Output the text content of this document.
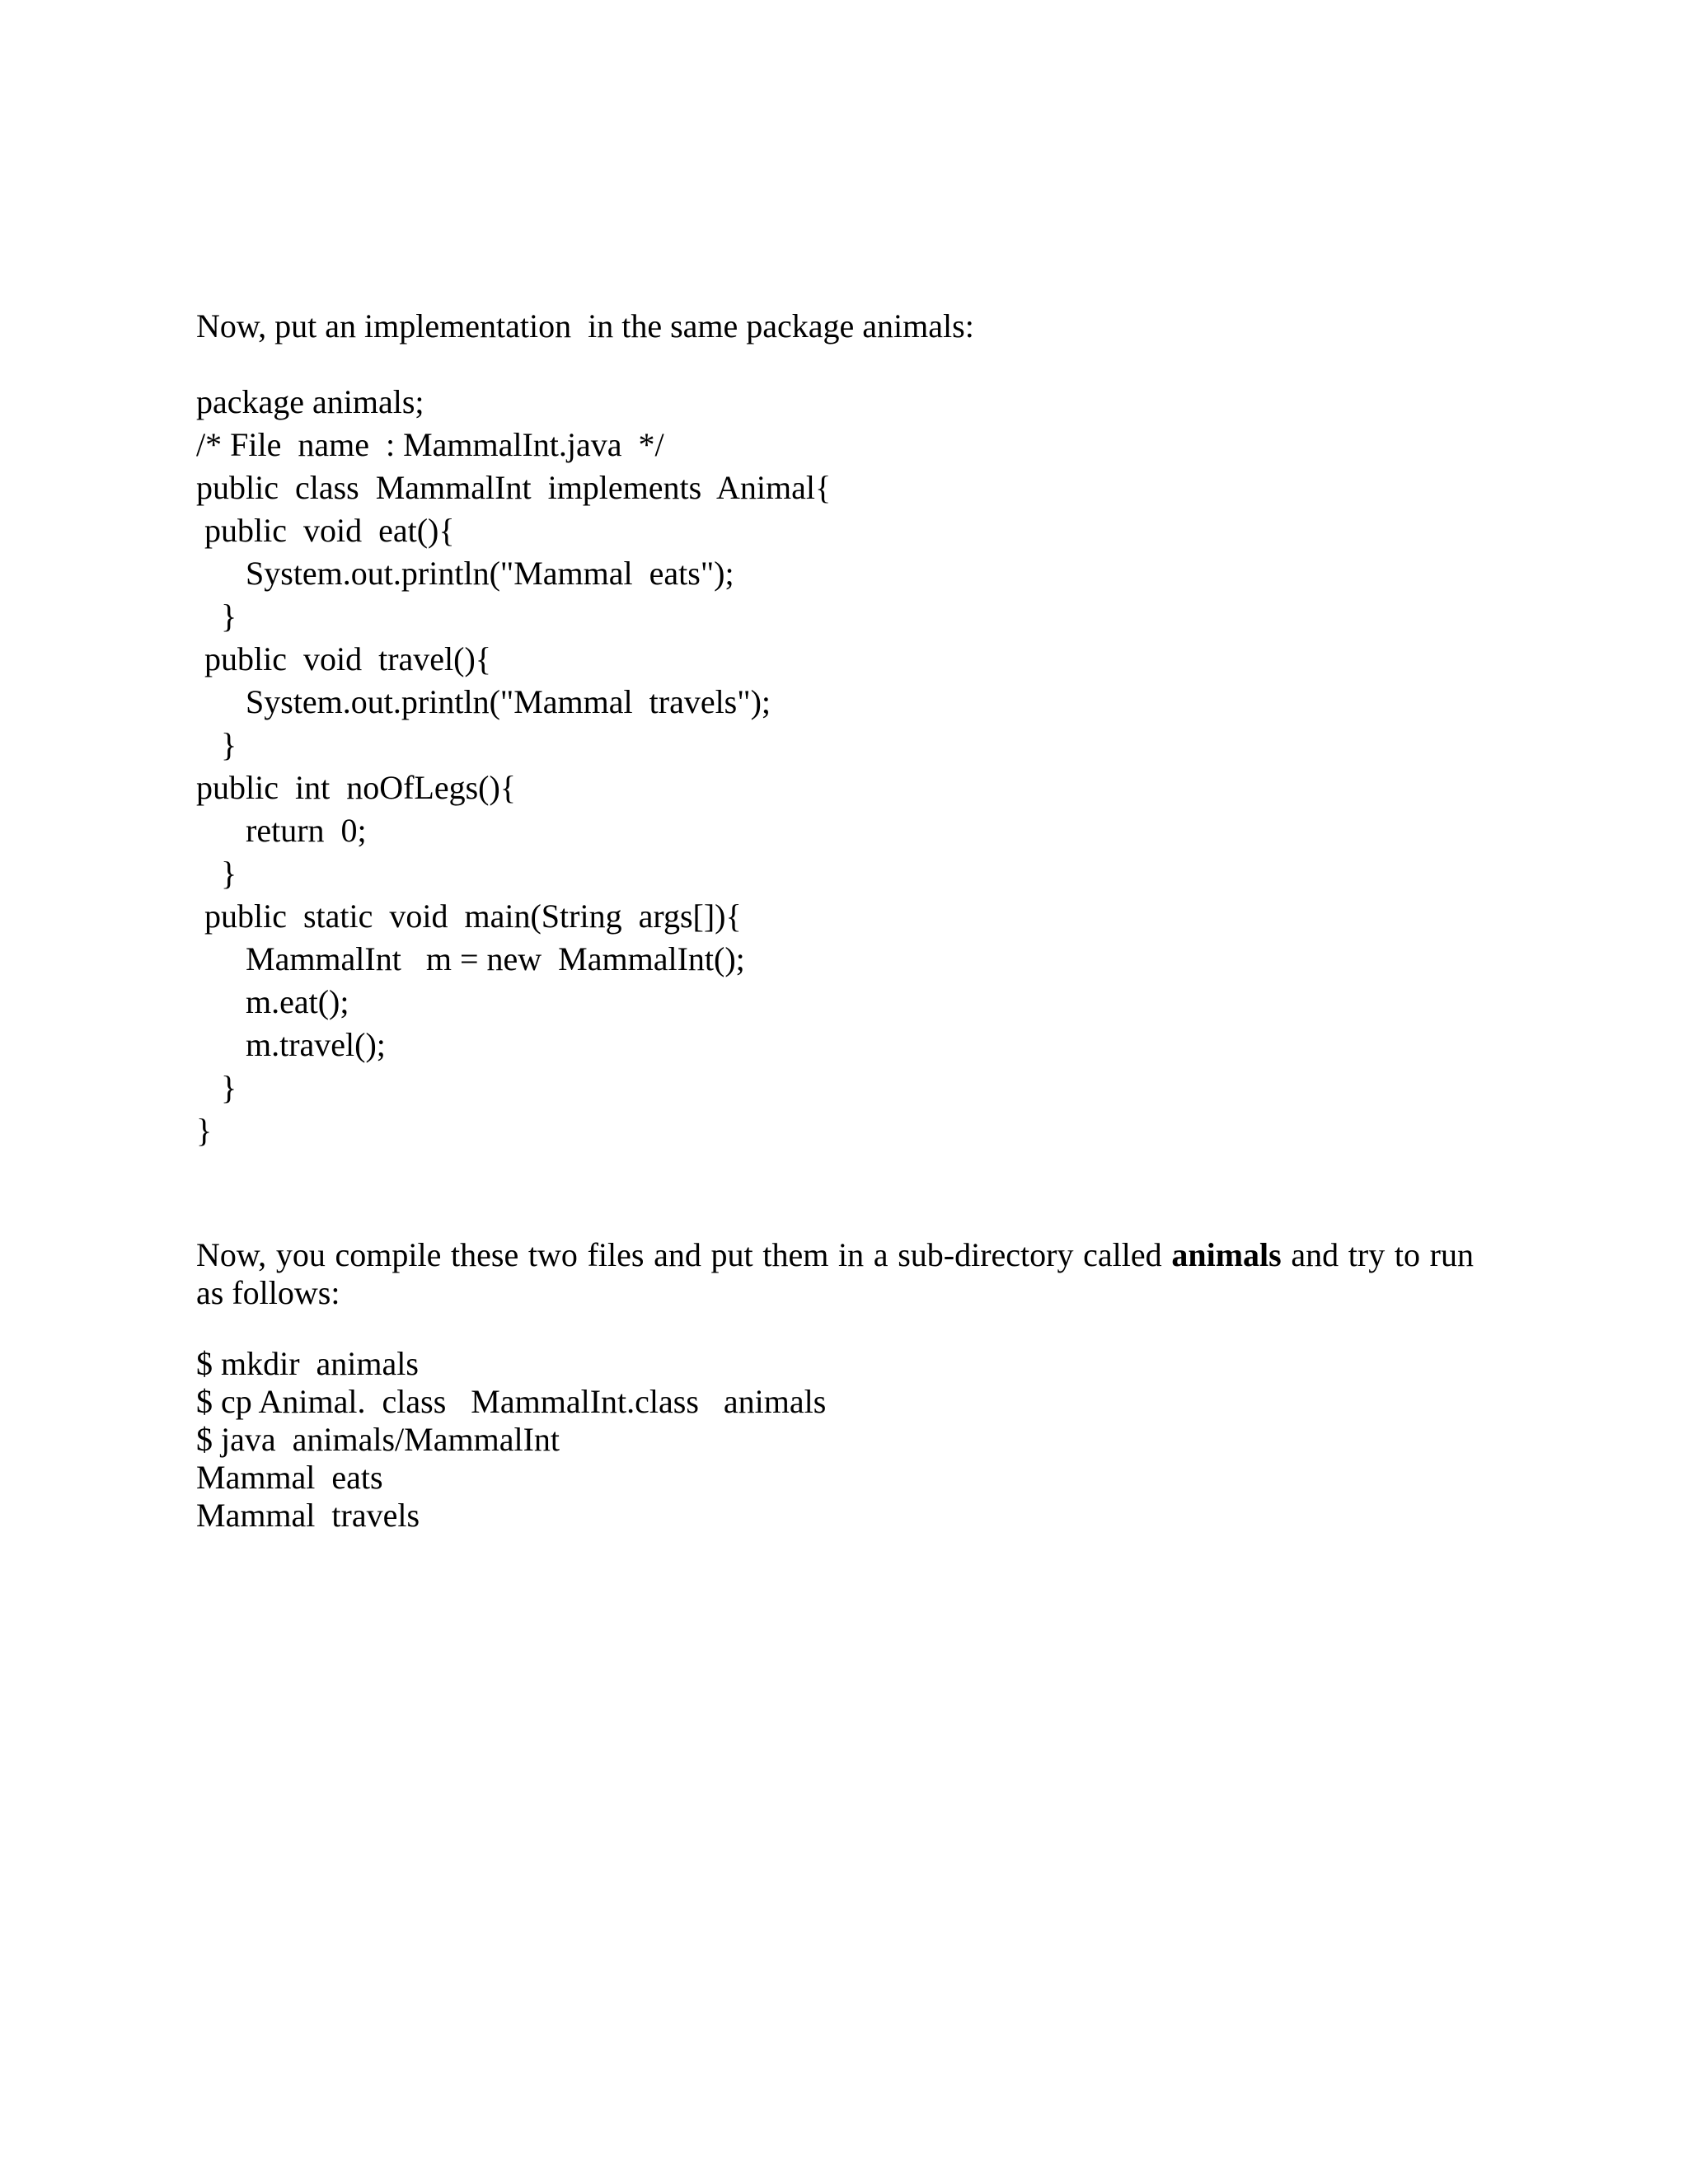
Now, put an implementation  in the same package animals:
package animals;
/* File  name  : MammalInt.java  */
public  class  MammalInt  implements  Animal{
public  void  eat(){
System.out.println("Mammal  eats");
}
public  void  travel(){
System.out.println("Mammal  travels");
}
public  int  noOfLegs(){
return  0;
}
public  static  void  main(String  args[]){
MammalInt   m = new  MammalInt();
m.eat();
m.travel();
}
}
Now, you compile these two files and put them in a sub-directory called animals and try to run as follows:
$ mkdir  animals
$ cp Animal.  class   MammalInt.class   animals
$ java  animals/MammalInt
Mammal  eats
Mammal  travels
